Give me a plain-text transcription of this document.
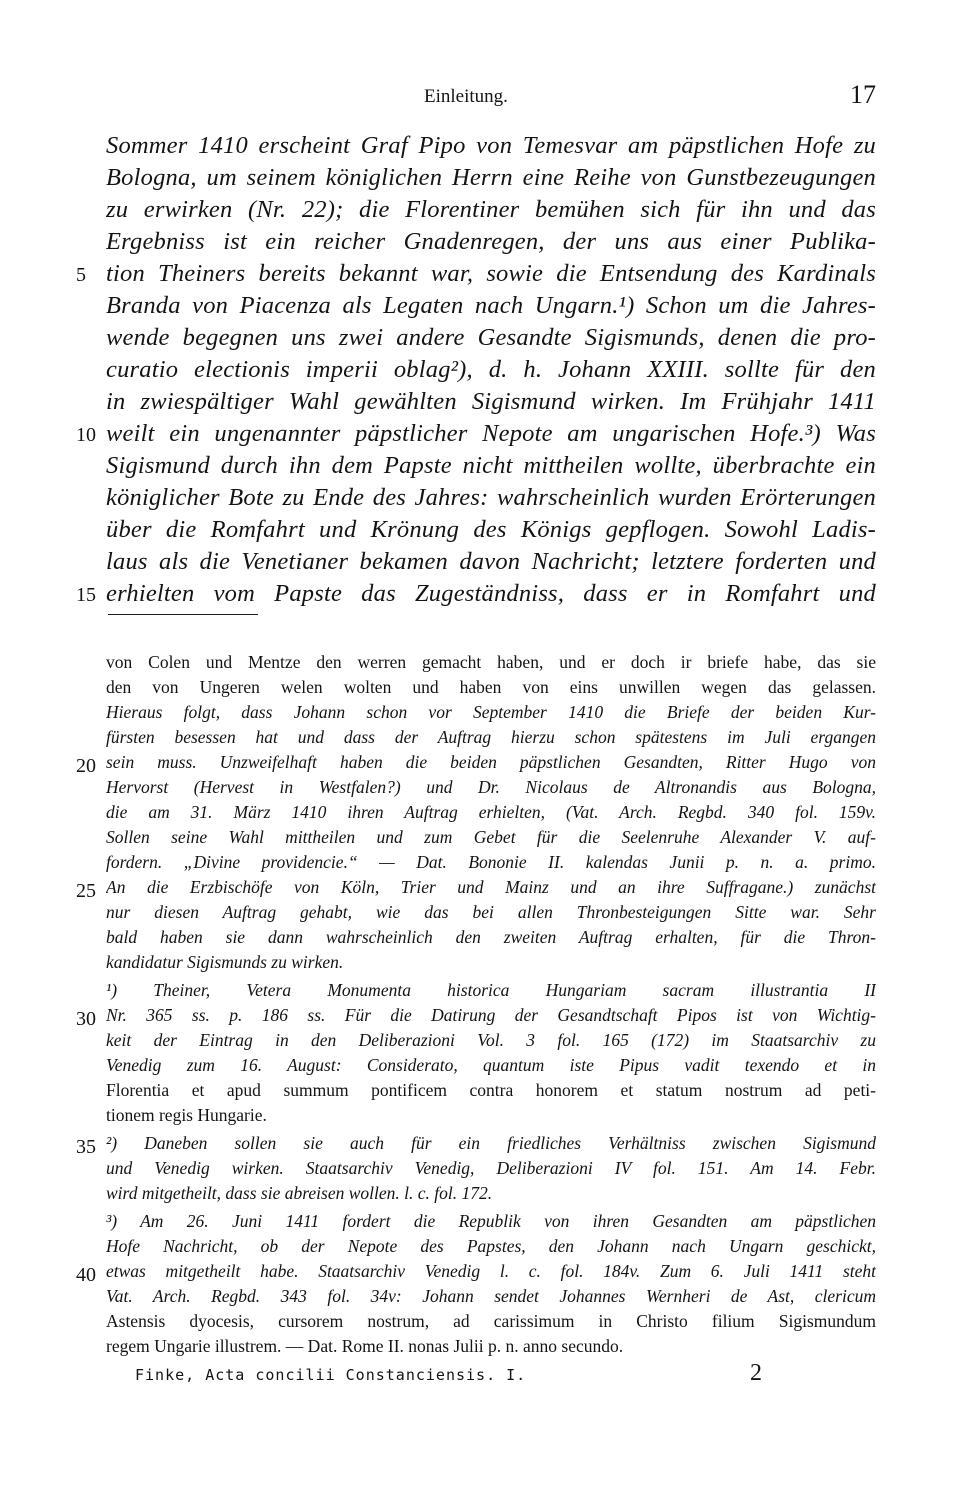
Einleitung.	17
Sommer 1410 erscheint Graf Pipo von Temesvar am päpstlichen Hofe zu
Bologna, um seinem königlichen Herrn eine Reihe von Gunstbezeugungen
zu erwirken (Nr. 22); die Florentiner bemühen sich für ihn und das
Ergebniss ist ein reicher Gnadenregen, der uns aus einer Publika-
tion Theiners bereits bekannt war, sowie die Entsendung des Kardinals
Branda von Piacenza als Legaten nach Ungarn.¹) Schon um die Jahres-
wende begegnen uns zwei andere Gesandte Sigismunds, denen die pro-
curatio electionis imperii oblag²), d. h. Johann XXIII. sollte für den
in zwiespältiger Wahl gewählten Sigismund wirken. Im Frühjahr 1411
weilt ein ungenannter päpstlicher Nepote am ungarischen Hofe.³) Was
Sigismund durch ihn dem Papste nicht mittheilen wollte, überbrachte ein
königlicher Bote zu Ende des Jahres: wahrscheinlich wurden Erörterungen
über die Romfahrt und Krönung des Königs gepflogen. Sowohl Ladis-
laus als die Venetianer bekamen davon Nachricht; letztere forderten und
erhielten vom Papste das Zugeständniss, dass er in Romfahrt und
5
10
15
von Colen und Mentze den werren gemacht haben, und er doch ir briefe habe, das sie
den von Ungeren welen wolten und haben von eins unwillen wegen das gelassen.
Hieraus folgt, dass Johann schon vor September 1410 die Briefe der beiden Kur-
fürsten besessen hat und dass der Auftrag hierzu schon spätestens im Juli ergangen
sein muss. Unzweifelhaft haben die beiden päpstlichen Gesandten, Ritter Hugo von
Hervorst (Hervest in Westfalen?) und Dr. Nicolaus de Altronandis aus Bologna,
die am 31. März 1410 ihren Auftrag erhielten, (Vat. Arch. Regbd. 340 fol. 159v.
Sollen seine Wahl mittheilen und zum Gebet für die Seelenruhe Alexander V. auf-
fordern. „Divine providencie.“ — Dat. Bononie II. kalendas Junii p. n. a. primo.
An die Erzbischöfe von Köln, Trier und Mainz und an ihre Suffragane.) zunächst
nur diesen Auftrag gehabt, wie das bei allen Thronbesteigungen Sitte war. Sehr
bald haben sie dann wahrscheinlich den zweiten Auftrag erhalten, für die Thron-
kandidatur Sigismunds zu wirken.
¹) Theiner, Vetera Monumenta historica Hungariam sacram illustrantia II
Nr. 365 ss. p. 186 ss. Für die Datirung der Gesandtschaft Pipos ist von Wichtig-
keit der Eintrag in den Deliberazioni Vol. 3 fol. 165 (172) im Staatsarchiv zu
Venedig zum 16. August: Considerato, quantum iste Pipus vadit texendo et in
Florentia et apud summum pontificem contra honorem et statum nostrum ad peti-
tionem regis Hungarie.
²) Daneben sollen sie auch für ein friedliches Verhältniss zwischen Sigismund
und Venedig wirken. Staatsarchiv Venedig, Deliberazioni IV fol. 151. Am 14. Febr.
wird mitgetheilt, dass sie abreisen wollen. l. c. fol. 172.
³) Am 26. Juni 1411 fordert die Republik von ihren Gesandten am päpstlichen
Hofe Nachricht, ob der Nepote des Papstes, den Johann nach Ungarn geschickt,
etwas mitgetheilt habe. Staatsarchiv Venedig l. c. fol. 184v. Zum 6. Juli 1411 steht
Vat. Arch. Regbd. 343 fol. 34v: Johann sendet Johannes Wernheri de Ast, clericum
Astensis dyocesis, cursorem nostrum, ad carissimum in Christo filium Sigismundum
regem Ungarie illustrem. — Dat. Rome II. nonas Julii p. n. anno secundo.
20
25
30
35
40
Finke, Acta concilii Constanciensis. I.	2
